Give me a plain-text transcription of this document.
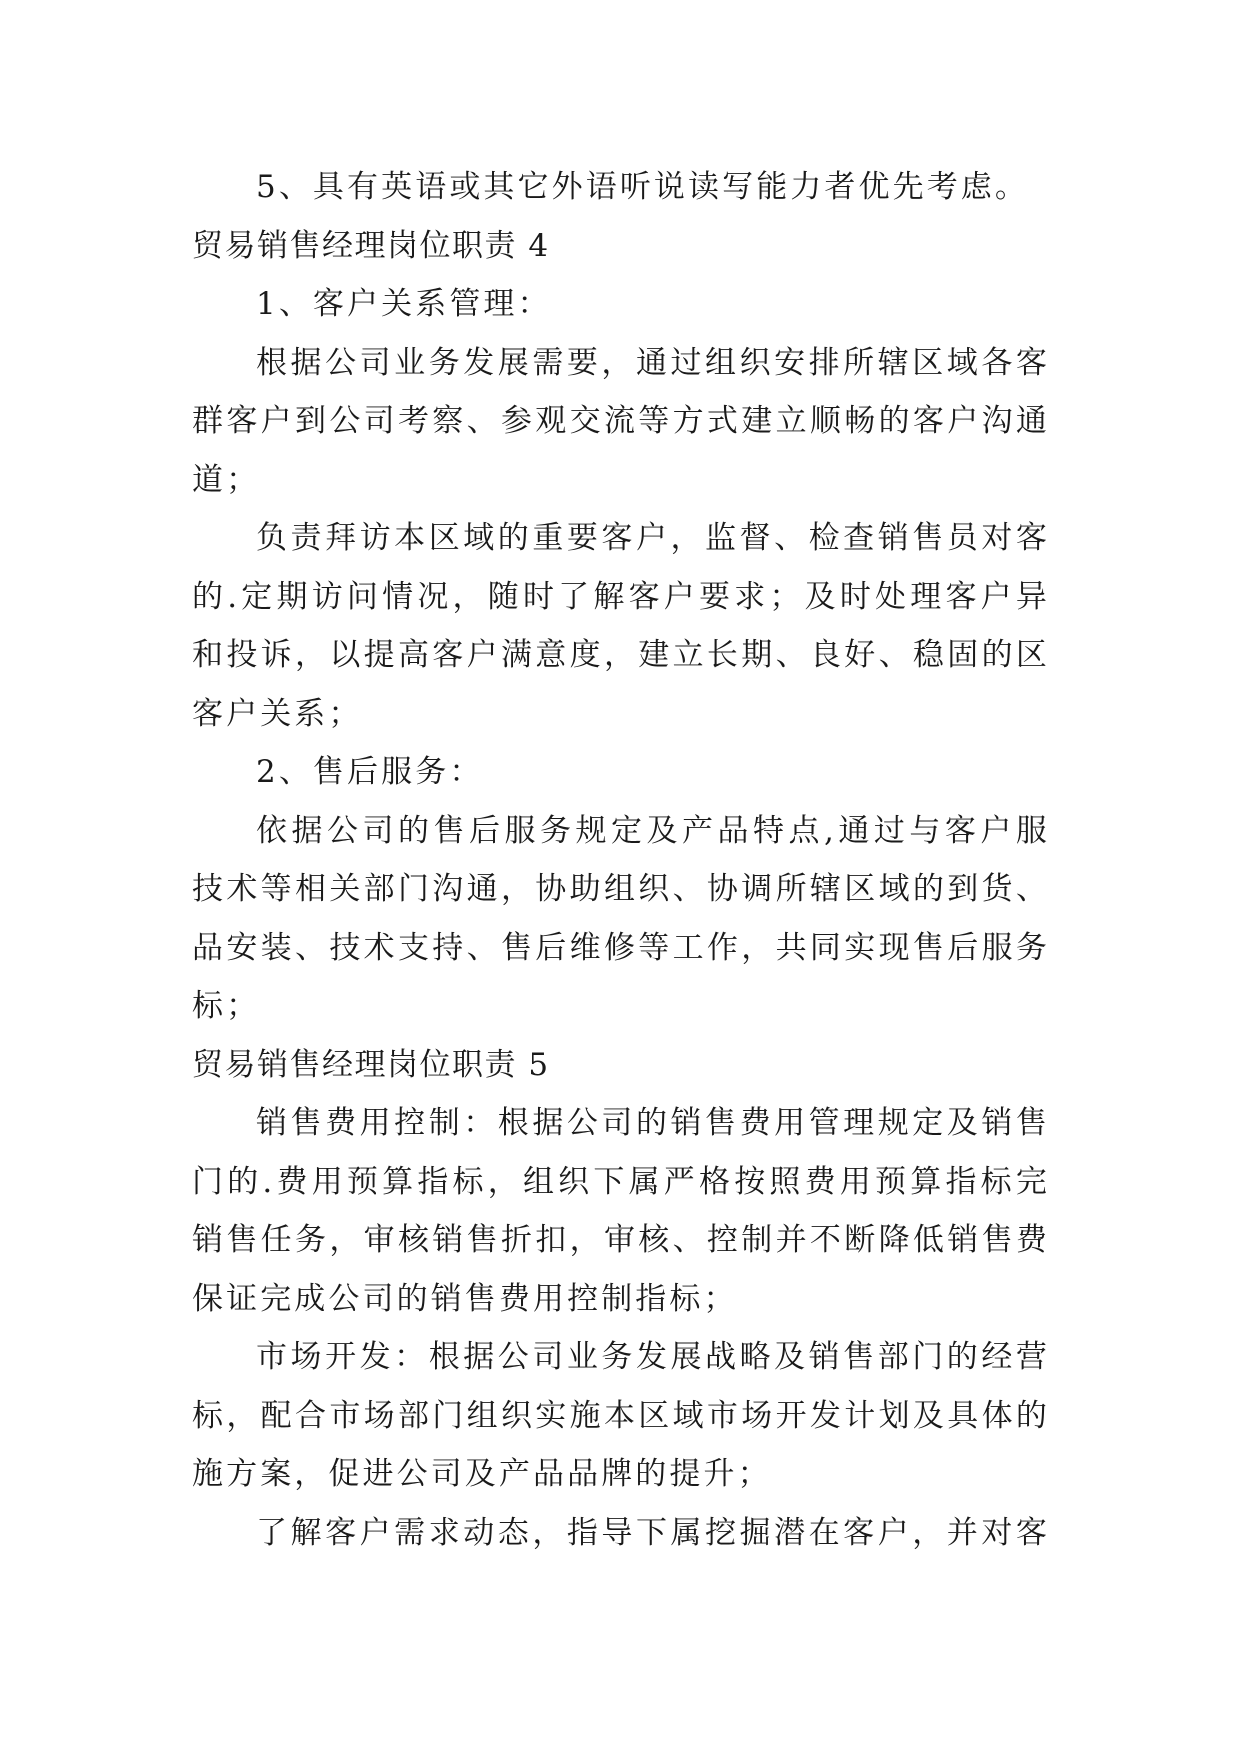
5、具有英语或其它外语听说读写能力者优先考虑。
贸易销售经理岗位职责 4
1、客户关系管理：
根据公司业务发展需要，通过组织安排所辖区域各客
群客户到公司考察、参观交流等方式建立顺畅的客户沟通
道；
负责拜访本区域的重要客户，监督、检查销售员对客
的.定期访问情况，随时了解客户要求；及时处理客户异
和投诉，以提高客户满意度，建立长期、良好、稳固的区
客户关系；
2、售后服务：
依据公司的售后服务规定及产品特点,通过与客户服
技术等相关部门沟通，协助组织、协调所辖区域的到货、
品安装、技术支持、售后维修等工作，共同实现售后服务
标；
贸易销售经理岗位职责 5
销售费用控制：根据公司的销售费用管理规定及销售
门的.费用预算指标，组织下属严格按照费用预算指标完
销售任务，审核销售折扣，审核、控制并不断降低销售费
保证完成公司的销售费用控制指标；
市场开发：根据公司业务发展战略及销售部门的经营
标，配合市场部门组织实施本区域市场开发计划及具体的
施方案，促进公司及产品品牌的提升；
了解客户需求动态，指导下属挖掘潜在客户，并对客
